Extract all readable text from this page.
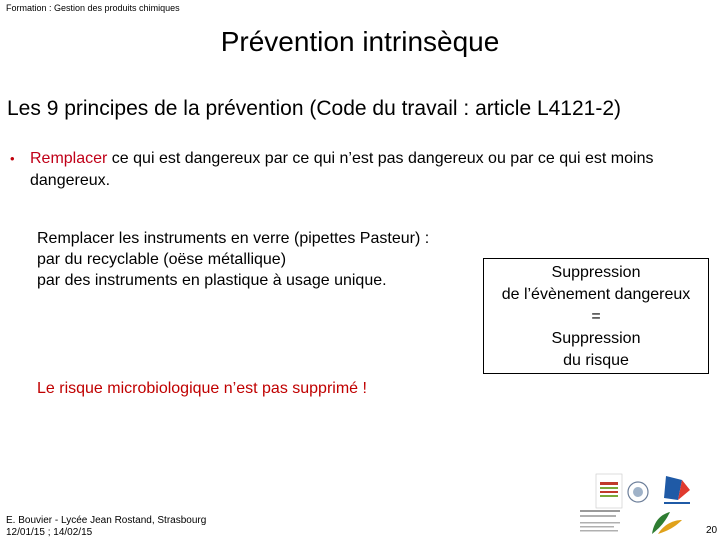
Formation : Gestion des produits chimiques
Prévention intrinsèque
Les 9 principes de la prévention (Code du travail : article L4121-2)
• Remplacer ce qui est dangereux par ce qui n’est pas dangereux ou par ce qui est moins dangereux.
Remplacer les instruments en verre (pipettes Pasteur) :
par du recyclable (oëse métallique)
par des instruments en plastique à usage unique.	Suppression
de l’évènement dangereux
=
Suppression
du risque
Le risque microbiologique n’est pas supprimé !
E. Bouvier - Lycée Jean Rostand, Strasbourg
12/01/15 ; 14/02/15	20
